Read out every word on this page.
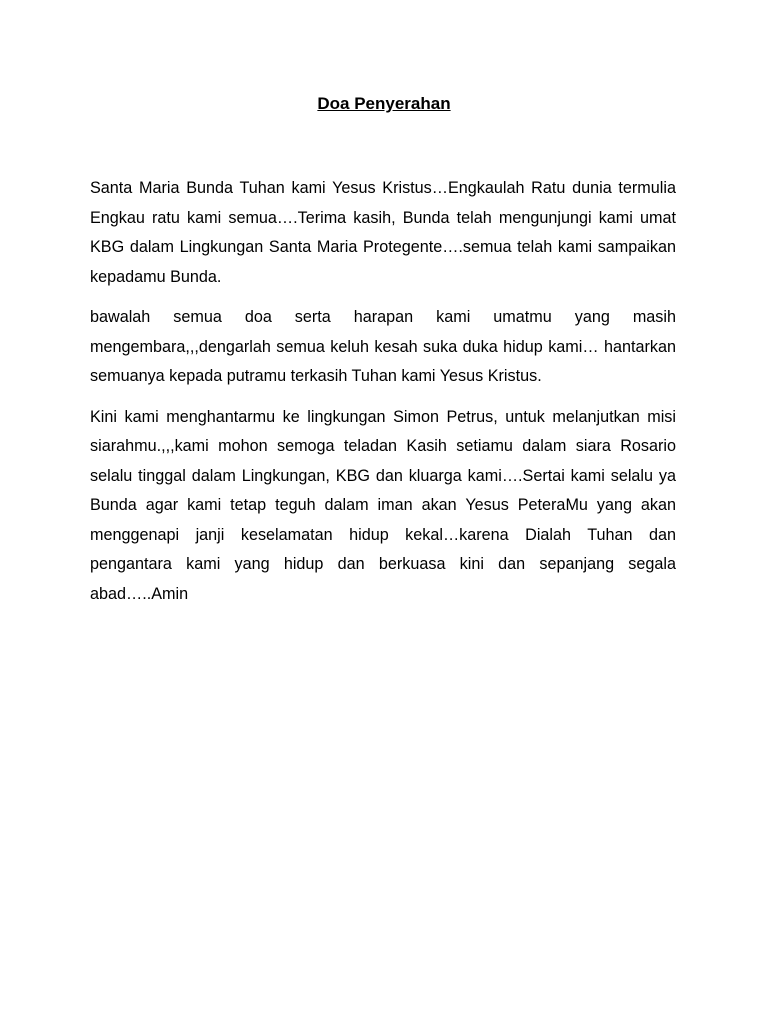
Doa Penyerahan

Santa Maria Bunda Tuhan kami Yesus Kristus…Engkaulah Ratu dunia termulia Engkau ratu kami semua….Terima kasih, Bunda telah mengunjungi kami umat KBG dalam Lingkungan Santa Maria Protegente….semua telah kami sampaikan kepadamu Bunda.

bawalah semua doa serta harapan kami umatmu yang masih mengembara,,,dengarlah semua keluh kesah suka duka hidup kami… hantarkan semuanya kepada putramu terkasih Tuhan kami Yesus Kristus.

Kini kami menghantarmu ke lingkungan Simon Petrus, untuk melanjutkan misi siarahmu.,,,kami mohon semoga teladan Kasih setiamu dalam siara Rosario selalu tinggal dalam Lingkungan, KBG dan kluarga kami….Sertai kami selalu ya Bunda agar kami tetap teguh dalam iman akan Yesus PeteraMu yang akan menggenapi janji keselamatan hidup kekal…karena Dialah Tuhan dan pengantara kami yang hidup dan berkuasa kini dan sepanjang segala abad…..Amin
